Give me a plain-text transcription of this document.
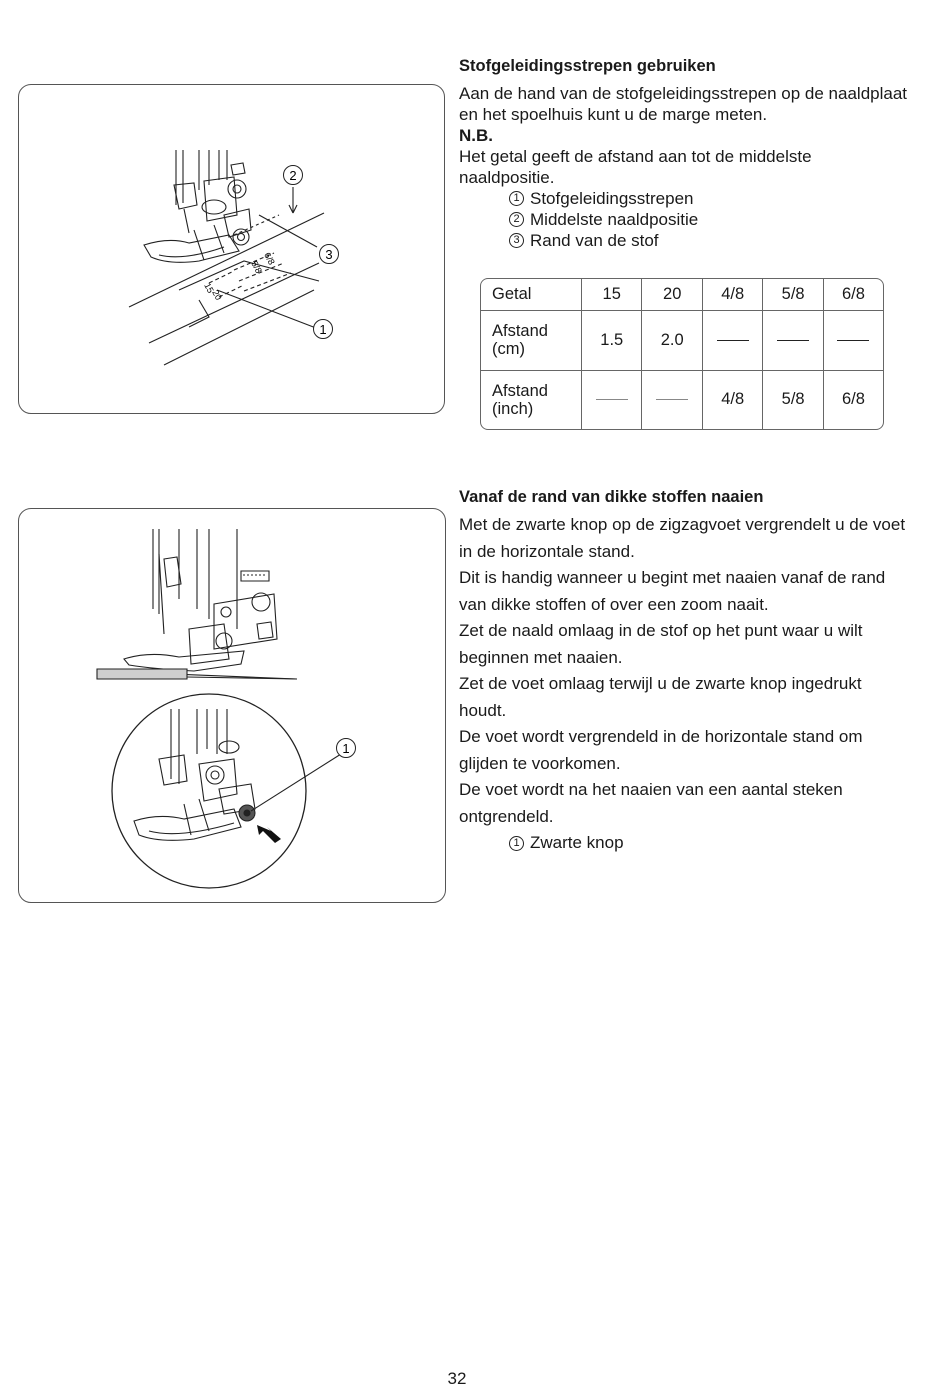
5/8
6/8
15
20
2
3
1

Stofgeleidingsstrepen gebruiken

Aan de hand van de stofgeleidingsstrepen op de naaldplaat en het spoelhuis kunt u de marge meten.

N.B.

Het getal geeft de afstand aan tot de middelste naaldpositie.

1 Stofgeleidingsstrepen
2 Middelste naaldpositie
3 Rand van de stof
Getal	15	20	4/8	5/8	6/8
Afstand (cm)	1.5	2.0			
Afstand (inch)			4/8	5/8	6/8
1

Vanaf de rand van dikke stoffen naaien

Met de zwarte knop op de zigzagvoet vergrendelt u de voet in de horizontale stand.

Dit is handig wanneer u begint met naaien vanaf de rand van dikke stoffen of over een zoom naait.

Zet de naald omlaag in de stof op het punt waar u wilt beginnen met naaien.

Zet de voet omlaag terwijl u de zwarte knop ingedrukt houdt.

De voet wordt vergrendeld in de horizontale stand om glijden te voorkomen.

De voet wordt na het naaien van een aantal steken ontgrendeld.

1 Zwarte knop
32
